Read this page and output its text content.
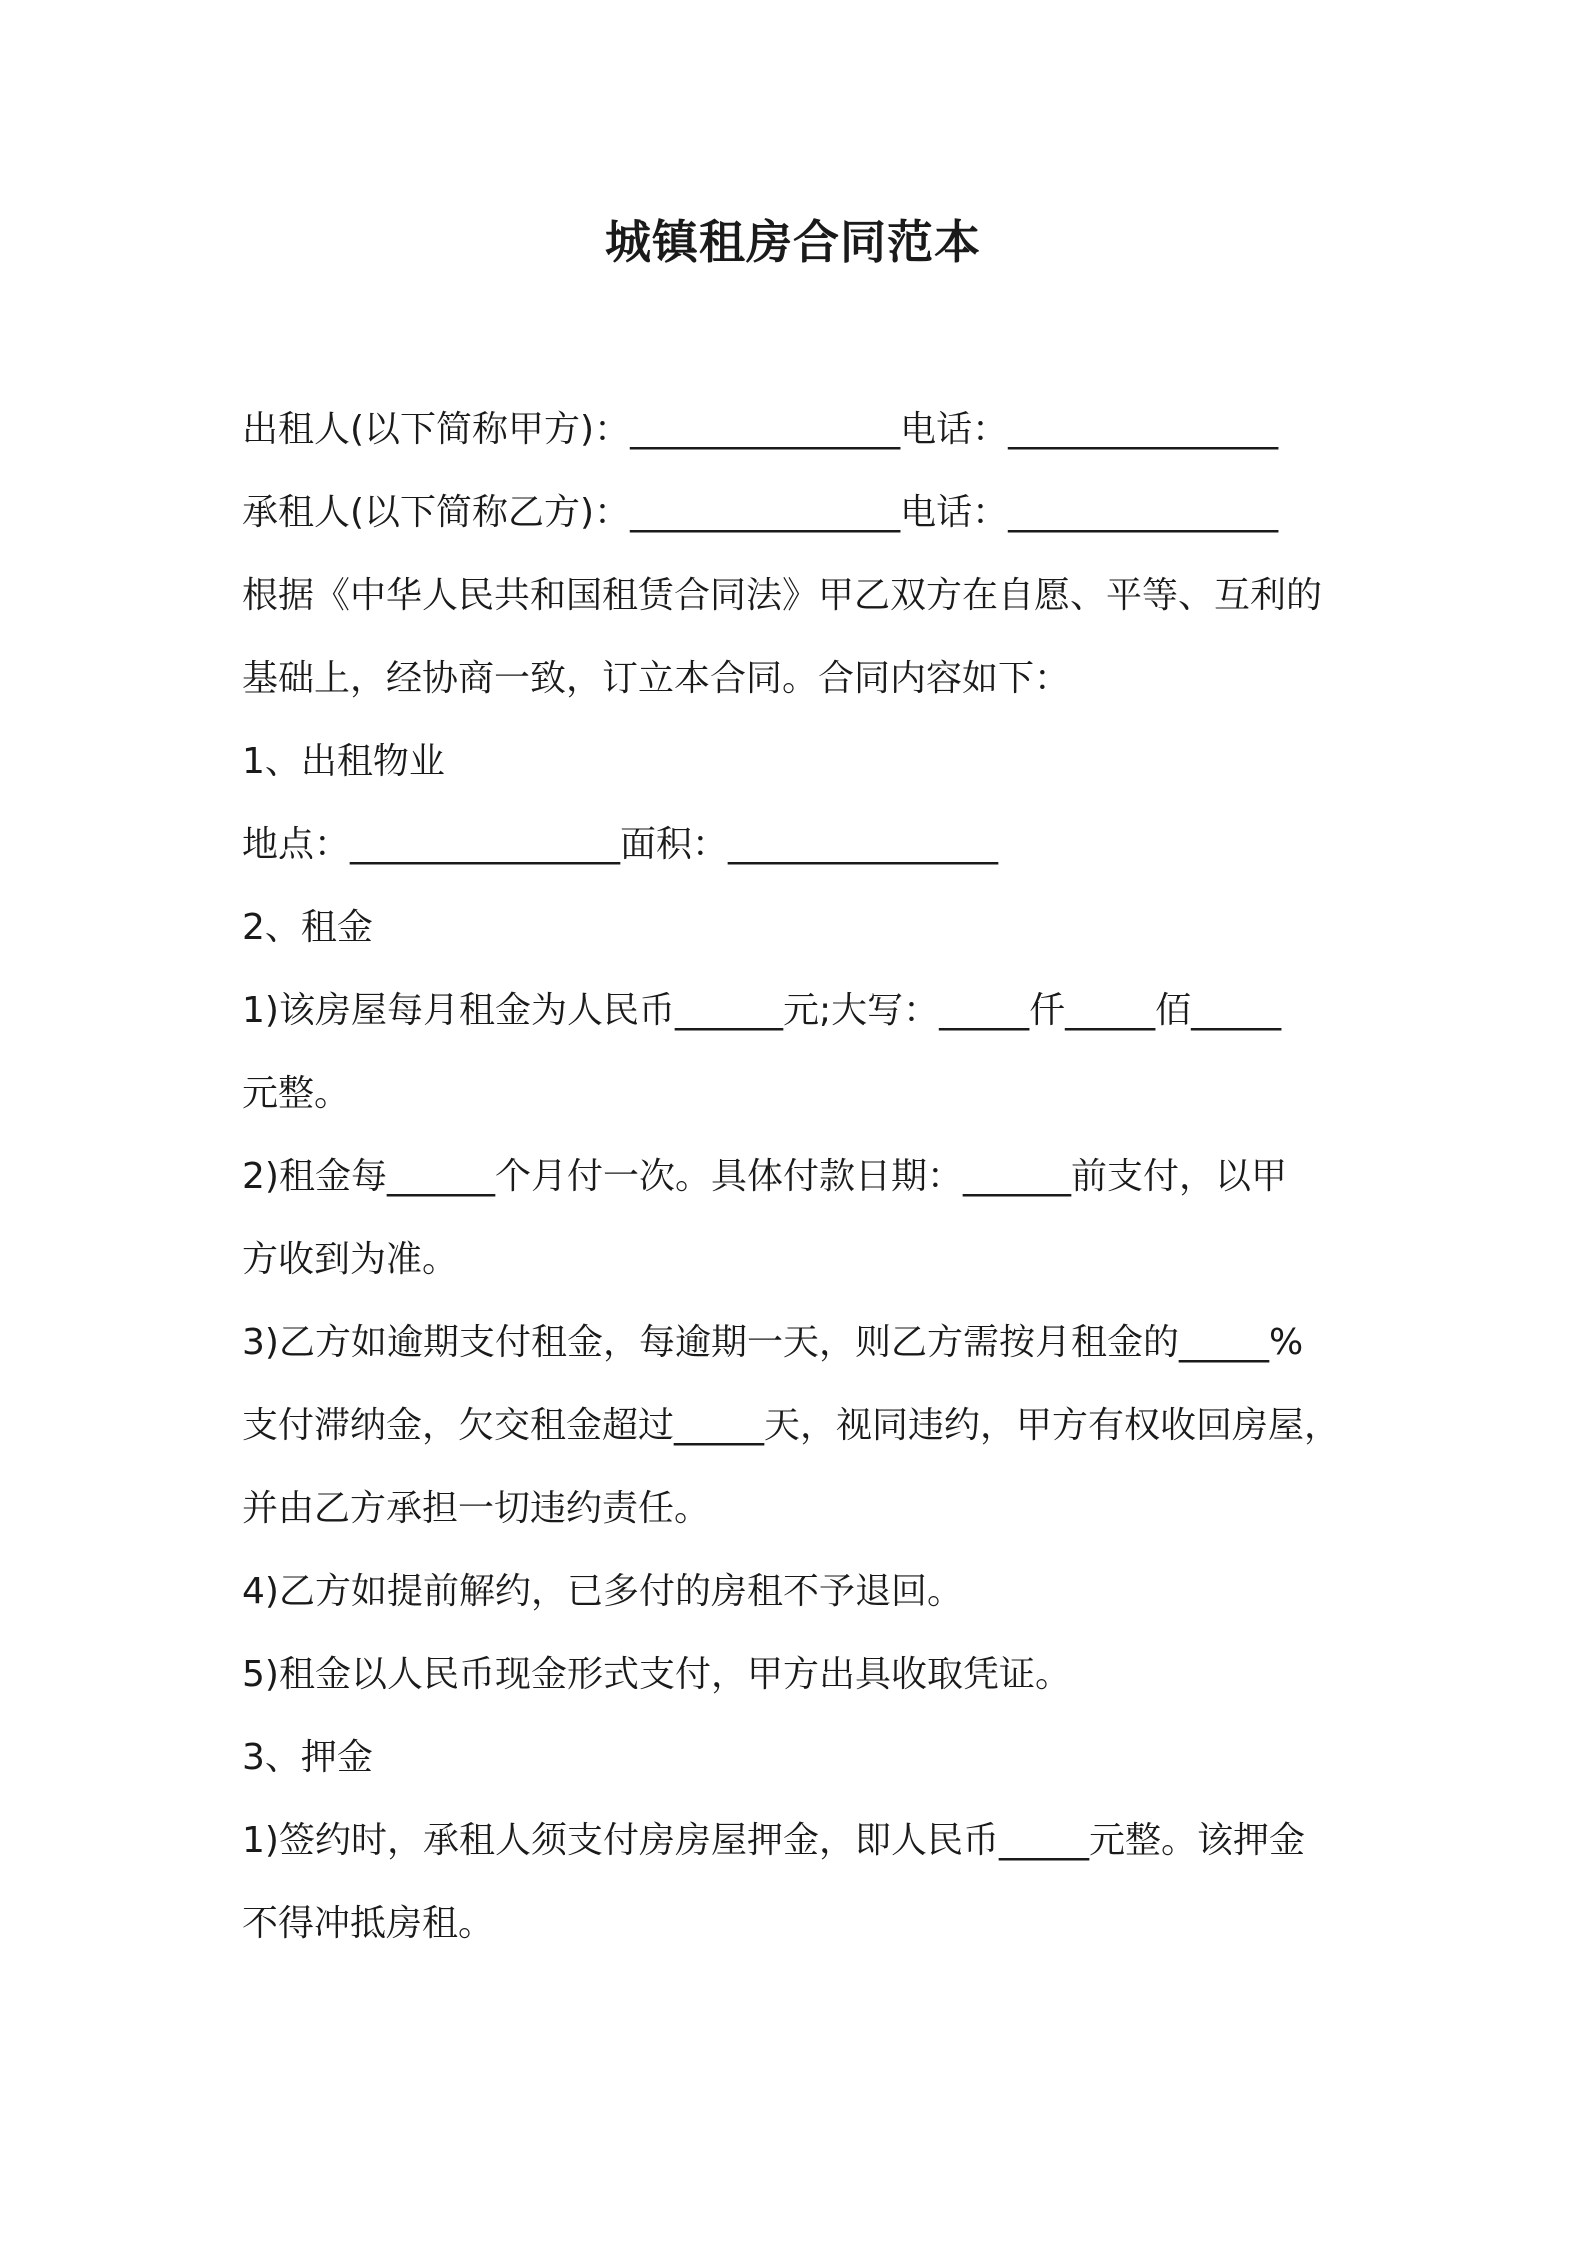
城镇租房合同范本
出租人(以下简称甲方)：_______________电话：_______________
承租人(以下简称乙方)：_______________电话：_______________
根据《中华人民共和国租赁合同法》甲乙双方在自愿、平等、互利的
基础上，经协商一致，订立本合同。合同内容如下：
1、出租物业
地点：_______________面积：_______________
2、租金
1)该房屋每月租金为人民币______元;大写：_____仟_____佰_____
元整。
2)租金每______个月付一次。具体付款日期：______前支付，以甲
方收到为准。
3)乙方如逾期支付租金，每逾期一天，则乙方需按月租金的_____%
支付滞纳金，欠交租金超过_____天，视同违约，甲方有权收回房屋，
并由乙方承担一切违约责任。
4)乙方如提前解约，已多付的房租不予退回。
5)租金以人民币现金形式支付，甲方出具收取凭证。
3、押金
1)签约时，承租人须支付房房屋押金，即人民币_____元整。该押金
不得冲抵房租。
